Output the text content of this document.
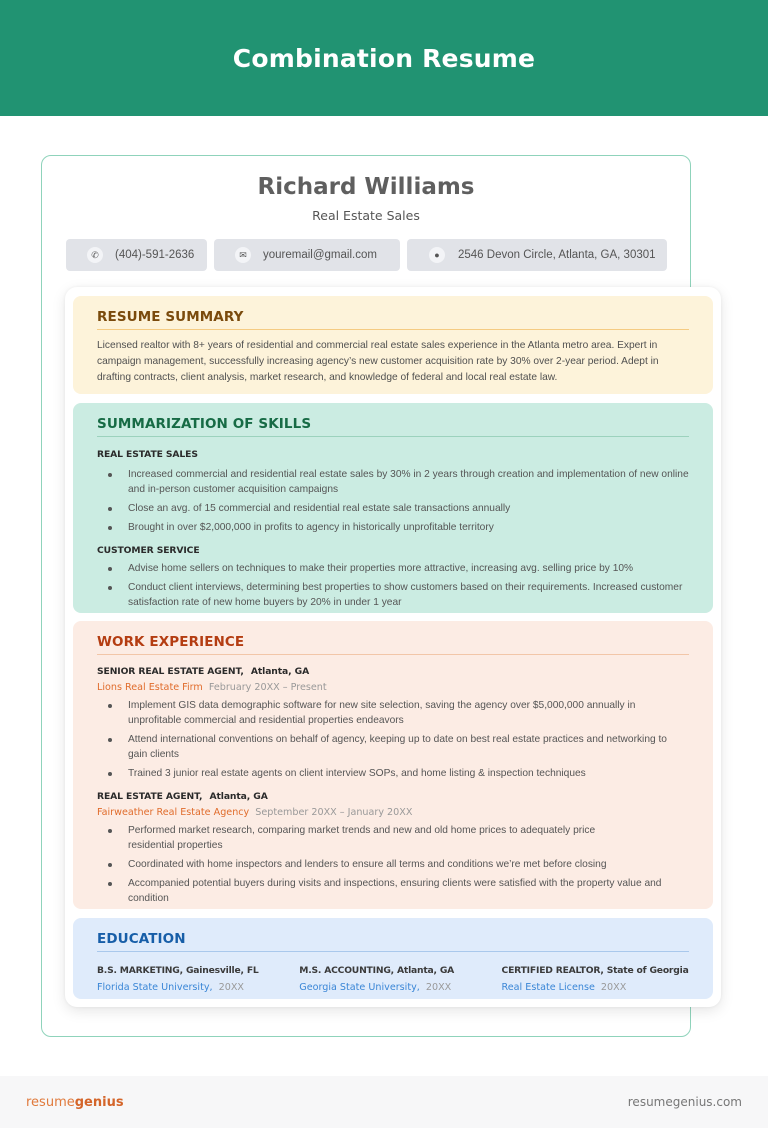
Combination Resume
Richard Williams
Real Estate Sales
✆	(404)-591-2636	✉	youremail@gmail.com	●	2546 Devon Circle, Atlanta, GA, 30301
RESUME SUMMARY

Licensed realtor with 8+ years of residential and commercial real estate sales experience in the Atlanta metro area. Expert in campaign management, successfully increasing agency’s new customer acquisition rate by 30% over 2-year period. Adept in drafting contracts, client analysis, market research, and knowledge of federal and local real estate law.

SUMMARIZATION OF SKILLS
REAL ESTATE SALES
Increased commercial and residential real estate sales by 30% in 2 years through creation and implementation of new online and in-person customer acquisition campaigns
Close an avg. of 15 commercial and residential real estate sale transactions annually
Brought in over $2,000,000 in profits to agency in historically unprofitable territory
CUSTOMER SERVICE
Advise home sellers on techniques to make their properties more attractive, increasing avg. selling price by 10%
Conduct client interviews, determining best properties to show customers based on their requirements. Increased customer satisfaction rate of new home buyers by 20% in under 1 year
WORK EXPERIENCE
SENIOR REAL ESTATE AGENT, Atlanta, GA
Lions Real Estate Firm February 20XX – Present
Implement GIS data demographic software for new site selection, saving the agency over $5,000,000 annually in unprofitable commercial and residential properties endeavors
Attend international conventions on behalf of agency, keeping up to date on best real estate practices and networking to gain clients
Trained 3 junior real estate agents on client interview SOPs, and home listing & inspection techniques
REAL ESTATE AGENT, Atlanta, GA
Fairweather Real Estate Agency September 20XX – January 20XX
Performed market research, comparing market trends and new and old home prices to adequately price residential properties
Coordinated with home inspectors and lenders to ensure all terms and conditions we’re met before closing
Accompanied potential buyers during visits and inspections, ensuring clients were satisfied with the property value and condition
EDUCATION
B.S. MARKETING, Gainesville, FL
Florida State University, 20XX
M.S. ACCOUNTING, Atlanta, GA
Georgia State University, 20XX
CERTIFIED REALTOR, State of Georgia
Real Estate License 20XX
resumegenius	resumegenius.com
